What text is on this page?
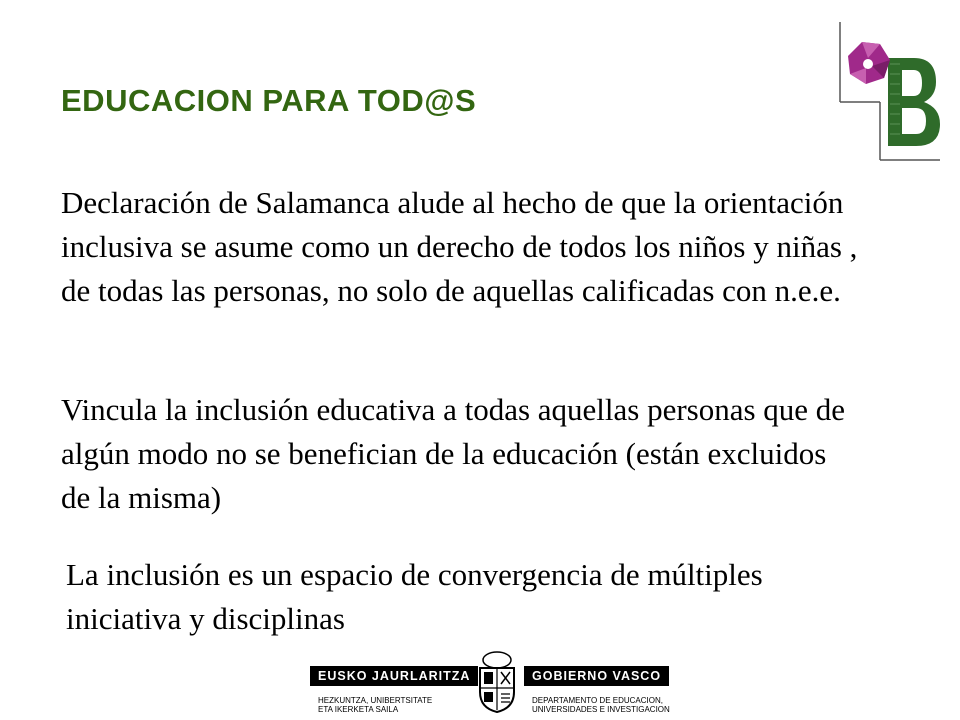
EDUCACION PARA TOD@S

Declaración de Salamanca alude al hecho de que la orientación inclusiva se asume como un derecho de todos los niños y niñas , de todas las personas, no solo de aquellas calificadas con n.e.e.

Vincula la inclusión educativa a todas aquellas personas que de algún modo no se benefician de la educación (están excluidos de la misma)

La inclusión es un espacio de convergencia de múltiples iniciativa y disciplinas

EUSKO JAURLARITZA	GOBIERNO VASCO
HEZKUNTZA, UNIBERTSITATE
ETA IKERKETA SAILA
DEPARTAMENTO DE EDUCACION,
UNIVERSIDADES E INVESTIGACION
